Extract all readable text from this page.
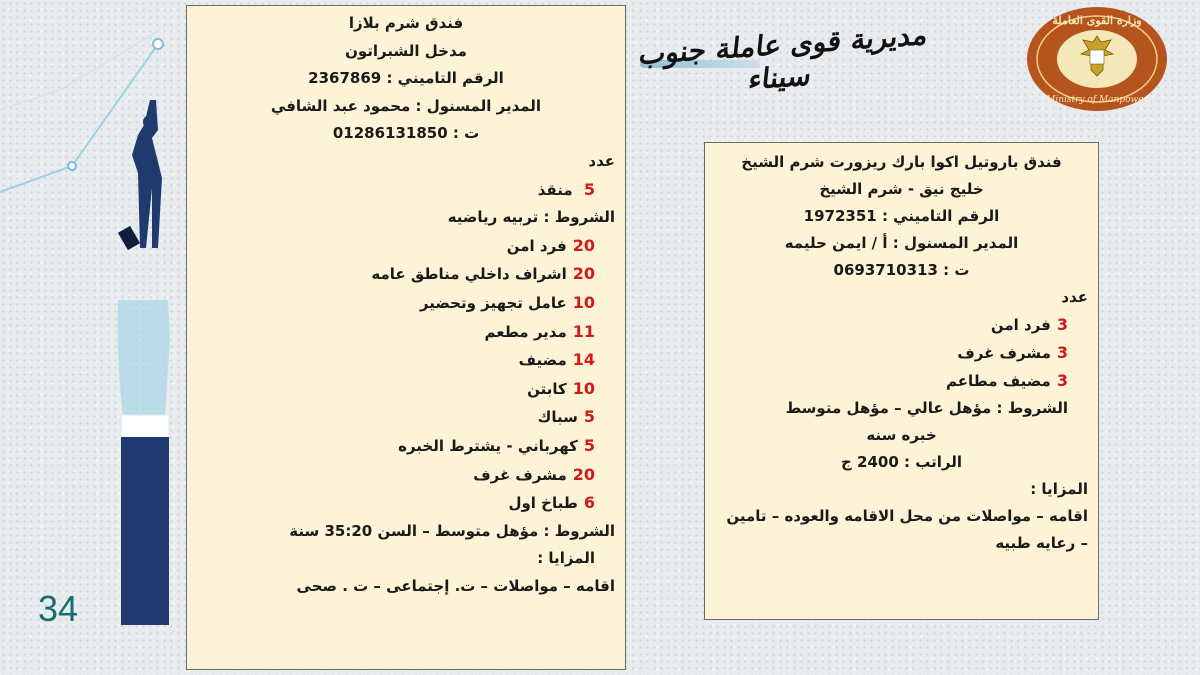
34
مديرية قوى عاملة جنوب سيناء
وزارة القوى العاملة
Ministry of Manpower
فندق شرم بلازا
مدخل الشبراتون
الرقم التاميني : 2367869
المدير المسنول : محمود عبد الشافي
ت : 01286131850
عدد
5 منقذ
الشروط : تربيه رياضيه
20فرد امن
20اشراف داخلي مناطق عامه
10عامل تجهيز وتحضير
11مدير مطعم
14مضيف
10كابتن
5سباك
5كهرباني - يشترط الخبره
20مشرف غرف
6طباخ اول
الشروط : مؤهل متوسط – السن 35:20 سنة
المزايا :
اقامه – مواصلات – ت. إجتماعى – ت . صحى
فندق باروتيل اكوا بارك ريزورت شرم الشيخ
خليج نيق - شرم الشيخ
الرقم التاميني : 1972351
المدير المسنول : أ / ايمن حليمه
ت : 0693710313
عدد
3فرد امن
3مشرف غرف
3مضيف مطاعم
الشروط : مؤهل عالي – مؤهل متوسط
خبره سنه
الراتب : 2400 ج
المزايا :
اقامه – مواصلات من محل الاقامه والعوده – تامين
– رعايه طبيه
